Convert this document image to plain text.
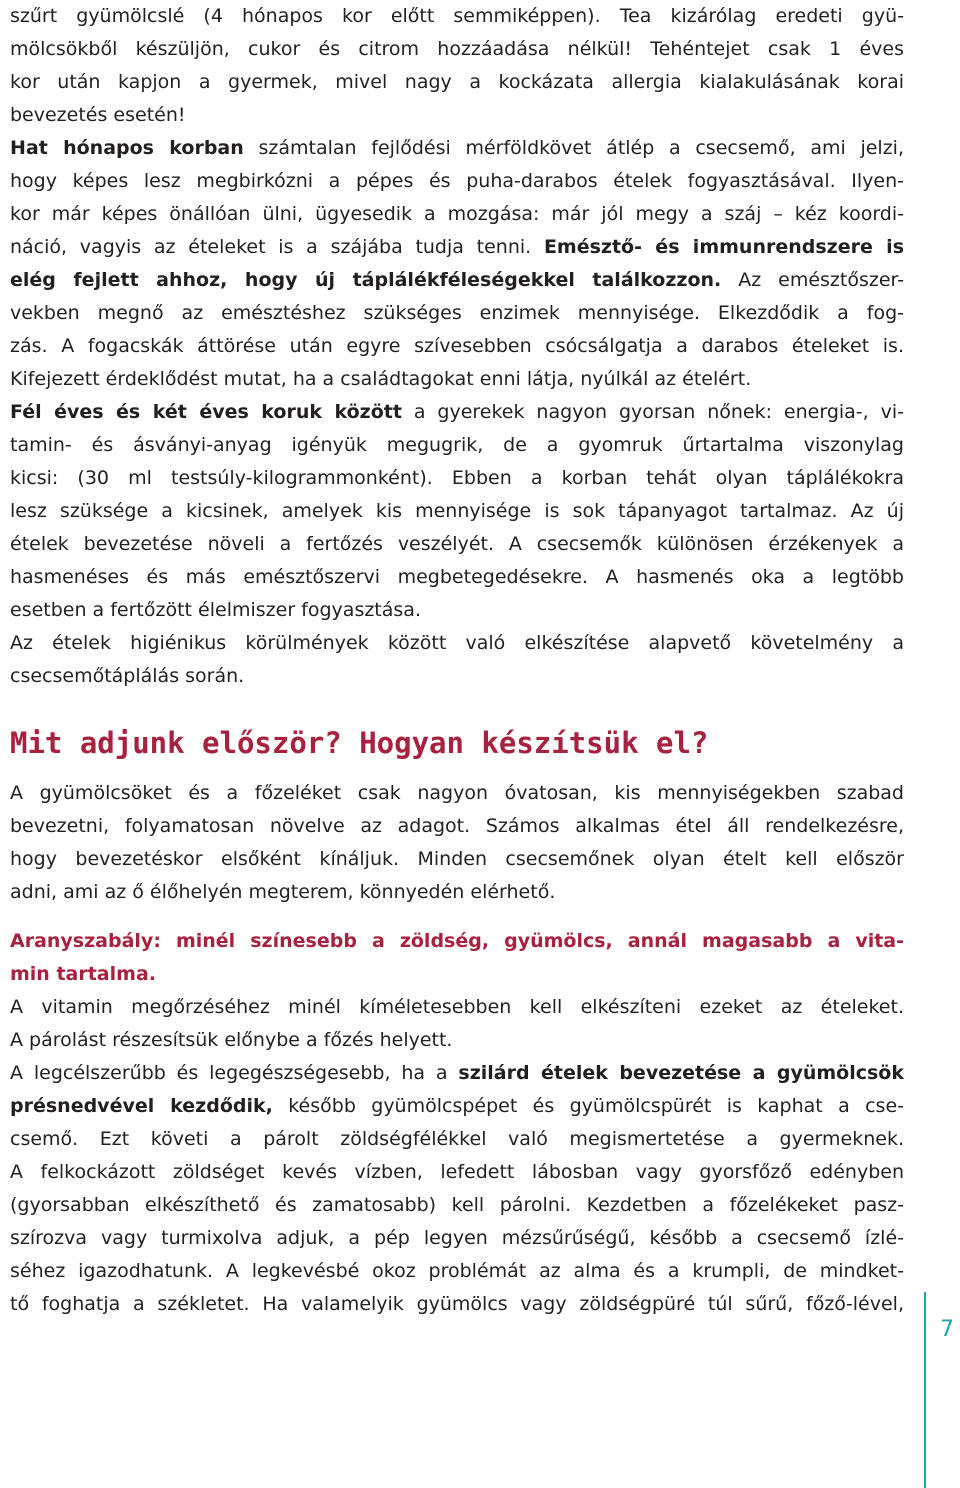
szűrt gyümölcslé (4 hónapos kor előtt semmiképpen). Tea kizárólag eredeti gyü-
mölcsökből készüljön, cukor és citrom hozzáadása nélkül! Tehéntejet csak 1 éves
kor után kapjon a gyermek, mivel nagy a kockázata allergia kialakulásának korai
bevezetés esetén!
Hat hónapos korban számtalan fejlődési mérföldkövet átlép a csecsemő, ami jelzi,
hogy képes lesz megbirkózni a pépes és puha-darabos ételek fogyasztásával. Ilyen-
kor már képes önállóan ülni, ügyesedik a mozgása: már jól megy a száj – kéz koordi-
náció, vagyis az ételeket is a szájába tudja tenni. Emésztő- és immunrendszere is
elég fejlett ahhoz, hogy új táplálékféleségekkel találkozzon. Az emésztőszer-
vekben megnő az emésztéshez szükséges enzimek mennyisége. Elkezdődik a fog-
zás. A fogacskák áttörése után egyre szívesebben csócsálgatja a darabos ételeket is.
Kifejezett érdeklődést mutat, ha a családtagokat enni látja, nyúlkál az ételért.
Fél éves és két éves koruk között a gyerekek nagyon gyorsan nőnek: energia-, vi-
tamin- és ásványi-anyag igényük megugrik, de a gyomruk űrtartalma viszonylag
kicsi: (30 ml testsúly-kilogrammonként). Ebben a korban tehát olyan táplálékokra
lesz szüksége a kicsinek, amelyek kis mennyisége is sok tápanyagot tartalmaz. Az új
ételek bevezetése növeli a fertőzés veszélyét. A csecsemők különösen érzékenyek a
hasmenéses és más emésztőszervi megbetegedésekre. A hasmenés oka a legtöbb
esetben a fertőzött élelmiszer fogyasztása.
Az ételek higiénikus körülmények között való elkészítése alapvető követelmény a
csecsemőtáplálás során.
Mit adjunk először? Hogyan készítsük el?
A gyümölcsöket és a főzeléket csak nagyon óvatosan, kis mennyiségekben szabad
bevezetni, folyamatosan növelve az adagot. Számos alkalmas étel áll rendelkezésre,
hogy bevezetéskor elsőként kínáljuk. Minden csecsemőnek olyan ételt kell először
adni, ami az ő élőhelyén megterem, könnyedén elérhető.
Aranyszabály: minél színesebb a zöldség, gyümölcs, annál magasabb a vita-
min tartalma.
A vitamin megőrzéséhez minél kíméletesebben kell elkészíteni ezeket az ételeket.
A párolást részesítsük előnybe a főzés helyett.
A legcélszerűbb és legegészségesebb, ha a szilárd ételek bevezetése a gyümölcsök
présnedvével kezdődik, később gyümölcspépet és gyümölcspürét is kaphat a cse-
csemő. Ezt követi a párolt zöldségfélékkel való megismertetése a gyermeknek.
A felkockázott zöldséget kevés vízben, lefedett lábosban vagy gyorsfőző edényben
(gyorsabban elkészíthető és zamatosabb) kell párolni. Kezdetben a főzelékeket pasz-
szírozva vagy turmixolva adjuk, a pép legyen mézsűrűségű, később a csecsemő ízlé-
séhez igazodhatunk. A legkevésbé okoz problémát az alma és a krumpli, de mindket-
tő foghatja a székletet. Ha valamelyik gyümölcs vagy zöldségpüré túl sűrű, főző-lével,
7
